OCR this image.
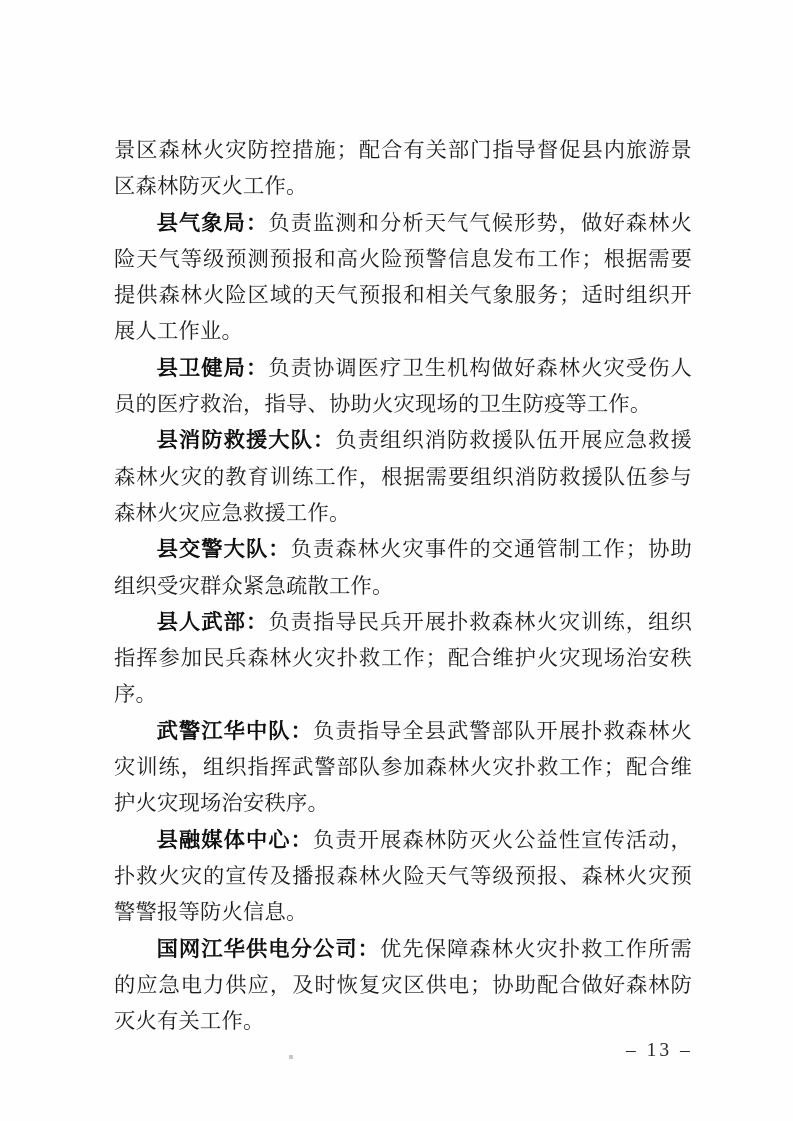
景区森林火灾防控措施；配合有关部门指导督促县内旅游景区森林防灭火工作。

县气象局：负责监测和分析天气气候形势，做好森林火险天气等级预测预报和高火险预警信息发布工作；根据需要提供森林火险区域的天气预报和相关气象服务；适时组织开展人工作业。

县卫健局：负责协调医疗卫生机构做好森林火灾受伤人员的医疗救治，指导、协助火灾现场的卫生防疫等工作。

县消防救援大队：负责组织消防救援队伍开展应急救援森林火灾的教育训练工作，根据需要组织消防救援队伍参与森林火灾应急救援工作。

县交警大队：负责森林火灾事件的交通管制工作；协助组织受灾群众紧急疏散工作。

县人武部：负责指导民兵开展扑救森林火灾训练，组织指挥参加民兵森林火灾扑救工作；配合维护火灾现场治安秩序。

武警江华中队：负责指导全县武警部队开展扑救森林火灾训练，组织指挥武警部队参加森林火灾扑救工作；配合维护火灾现场治安秩序。

县融媒体中心：负责开展森林防灭火公益性宣传活动，扑救火灾的宣传及播报森林火险天气等级预报、森林火灾预警警报等防火信息。

国网江华供电分公司：优先保障森林火灾扑救工作所需的应急电力供应，及时恢复灾区供电；协助配合做好森林防灭火有关工作。

– 13 –
